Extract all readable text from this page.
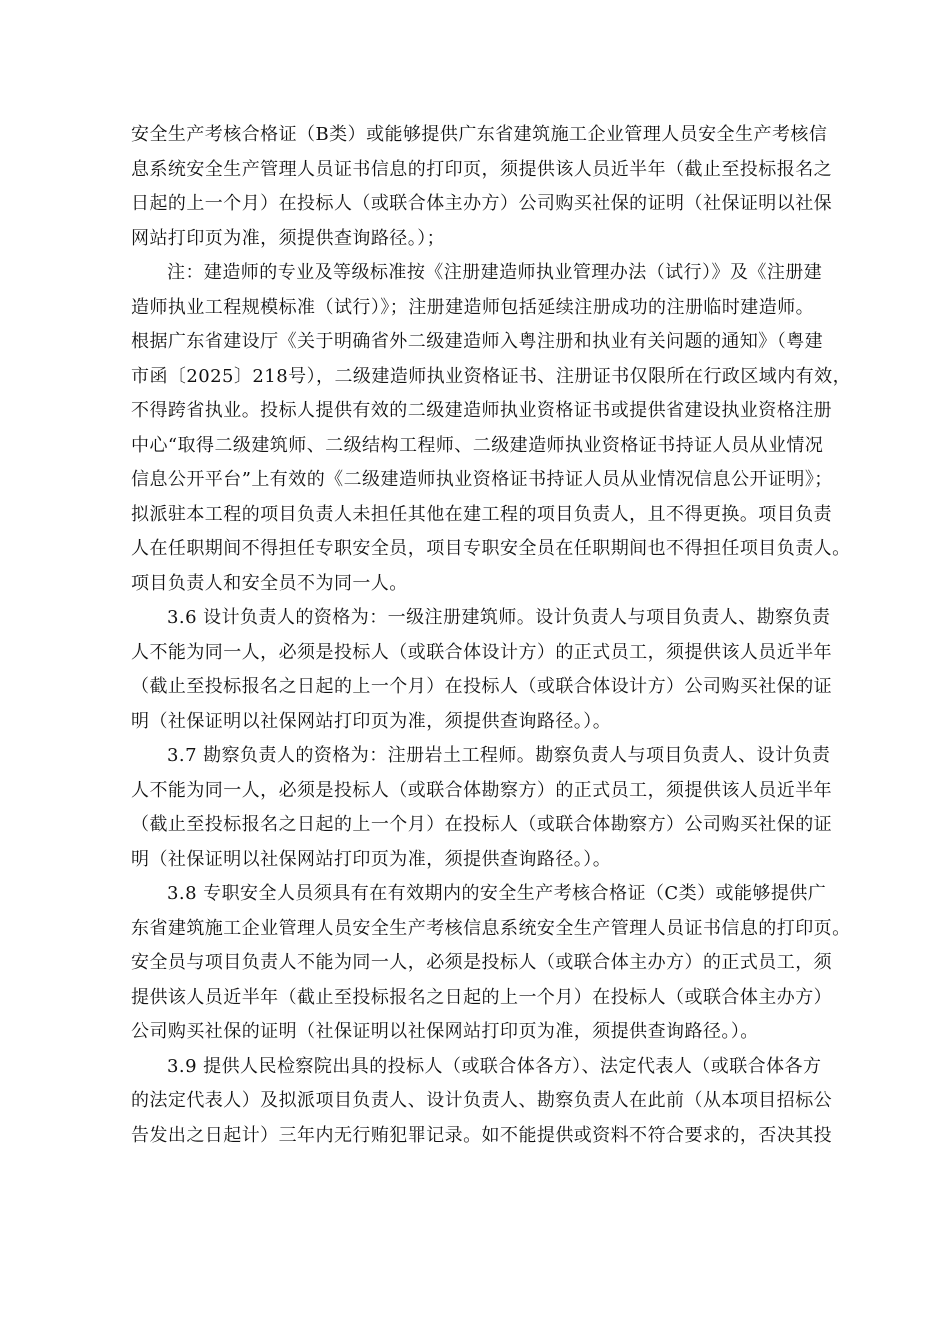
安全生产考核合格证（B类）或能够提供广东省建筑施工企业管理人员安全生产考核信
息系统安全生产管理人员证书信息的打印页，须提供该人员近半年（截止至投标报名之
日起的上一个月）在投标人（或联合体主办方）公司购买社保的证明（社保证明以社保
网站打印页为准，须提供查询路径。）；
注：建造师的专业及等级标准按《注册建造师执业管理办法（试行）》及《注册建
造师执业工程规模标准（试行）》；注册建造师包括延续注册成功的注册临时建造师。
根据广东省建设厅《关于明确省外二级建造师入粤注册和执业有关问题的通知》（粤建
市函〔2025〕218号），二级建造师执业资格证书、注册证书仅限所在行政区域内有效，
不得跨省执业。投标人提供有效的二级建造师执业资格证书或提供省建设执业资格注册
中心“取得二级建筑师、二级结构工程师、二级建造师执业资格证书持证人员从业情况
信息公开平台”上有效的《二级建造师执业资格证书持证人员从业情况信息公开证明》；
拟派驻本工程的项目负责人未担任其他在建工程的项目负责人，且不得更换。项目负责
人在任职期间不得担任专职安全员，项目专职安全员在任职期间也不得担任项目负责人。
项目负责人和安全员不为同一人。
3.6 设计负责人的资格为：一级注册建筑师。设计负责人与项目负责人、勘察负责
人不能为同一人，必须是投标人（或联合体设计方）的正式员工，须提供该人员近半年
（截止至投标报名之日起的上一个月）在投标人（或联合体设计方）公司购买社保的证
明（社保证明以社保网站打印页为准，须提供查询路径。）。
3.7 勘察负责人的资格为：注册岩土工程师。勘察负责人与项目负责人、设计负责
人不能为同一人，必须是投标人（或联合体勘察方）的正式员工，须提供该人员近半年
（截止至投标报名之日起的上一个月）在投标人（或联合体勘察方）公司购买社保的证
明（社保证明以社保网站打印页为准，须提供查询路径。）。
3.8 专职安全人员须具有在有效期内的安全生产考核合格证（C类）或能够提供广
东省建筑施工企业管理人员安全生产考核信息系统安全生产管理人员证书信息的打印页。
安全员与项目负责人不能为同一人，必须是投标人（或联合体主办方）的正式员工，须
提供该人员近半年（截止至投标报名之日起的上一个月）在投标人（或联合体主办方）
公司购买社保的证明（社保证明以社保网站打印页为准，须提供查询路径。）。
3.9 提供人民检察院出具的投标人（或联合体各方）、法定代表人（或联合体各方
的法定代表人）及拟派项目负责人、设计负责人、勘察负责人在此前（从本项目招标公
告发出之日起计）三年内无行贿犯罪记录。如不能提供或资料不符合要求的，否决其投
